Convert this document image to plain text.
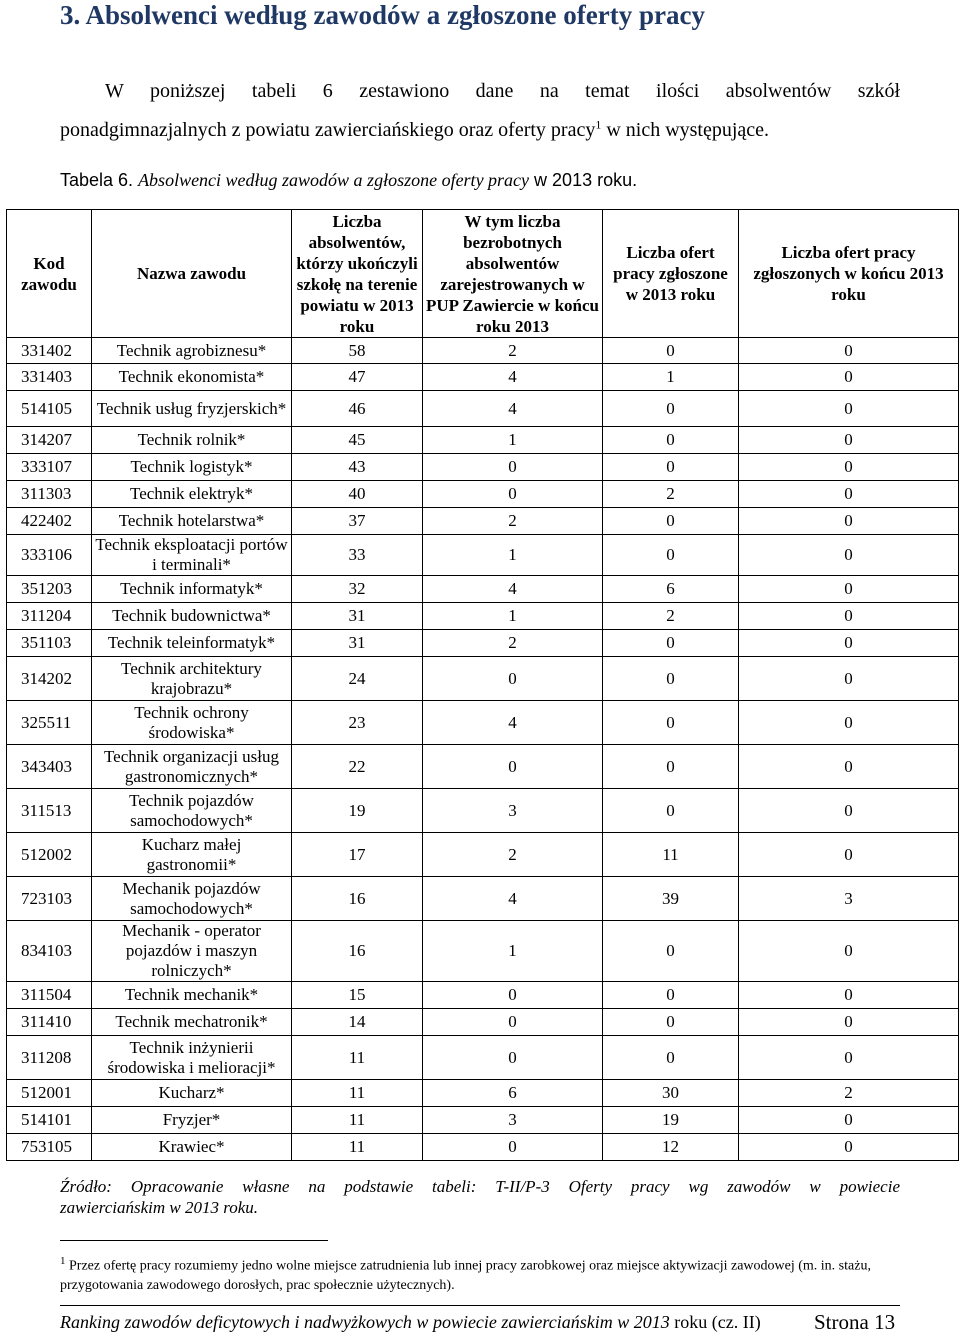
3. Absolwenci według zawodów a zgłoszone oferty pracy
W poniższej tabeli 6 zestawiono dane na temat ilości absolwentów szkół
ponadgimnazjalnych z powiatu zawierciańskiego oraz oferty pracy$^1$ w nich występujące.
Tabela 6. Absolwenci według zawodów a zgłoszone oferty pracy w 2013 roku.
Kod zawodu	Nazwa zawodu	Liczba absolwentów, którzy ukończyli szkołę na terenie powiatu w 2013 roku	W tym liczba bezrobotnych absolwentów zarejestrowanych w PUP Zawiercie w końcu roku 2013	Liczba ofert pracy zgłoszone w 2013 roku	Liczba ofert pracy zgłoszonych w końcu 2013 roku
331402	Technik agrobiznesu*	58	2	0	0
331403	Technik ekonomista*	47	4	1	0
514105	Technik usług fryzjerskich*	46	4	0	0
314207	Technik rolnik*	45	1	0	0
333107	Technik logistyk*	43	0	0	0
311303	Technik elektryk*	40	0	2	0
422402	Technik hotelarstwa*	37	2	0	0
333106	Technik eksploatacji portów i terminali*	33	1	0	0
351203	Technik informatyk*	32	4	6	0
311204	Technik budownictwa*	31	1	2	0
351103	Technik teleinformatyk*	31	2	0	0
314202	Technik architektury krajobrazu*	24	0	0	0
325511	Technik ochrony środowiska*	23	4	0	0
343403	Technik organizacji usług gastronomicznych*	22	0	0	0
311513	Technik pojazdów samochodowych*	19	3	0	0
512002	Kucharz małej gastronomii*	17	2	11	0
723103	Mechanik pojazdów samochodowych*	16	4	39	3
834103	Mechanik - operator pojazdów i maszyn rolniczych*	16	1	0	0
311504	Technik mechanik*	15	0	0	0
311410	Technik mechatronik*	14	0	0	0
311208	Technik inżynierii środowiska i melioracji*	11	0	0	0
512001	Kucharz*	11	6	30	2
514101	Fryzjer*	11	3	19	0
753105	Krawiec*	11	0	12	0
Źródło: Opracowanie własne na podstawie tabeli: T-II/P-3 Oferty pracy wg zawodów w powiecie
zawierciańskim w 2013 roku.
$^1$ Przez ofertę pracy rozumiemy jedno wolne miejsce zatrudnienia lub innej pracy zarobkowej oraz miejsce aktywizacji zawodowej (m. in. stażu, przygotowania zawodowego dorosłych, prac społecznie użytecznych).
Ranking zawodów deficytowych i nadwyżkowych w powiecie zawierciańskim w 2013 roku (cz. II)	Strona 13
